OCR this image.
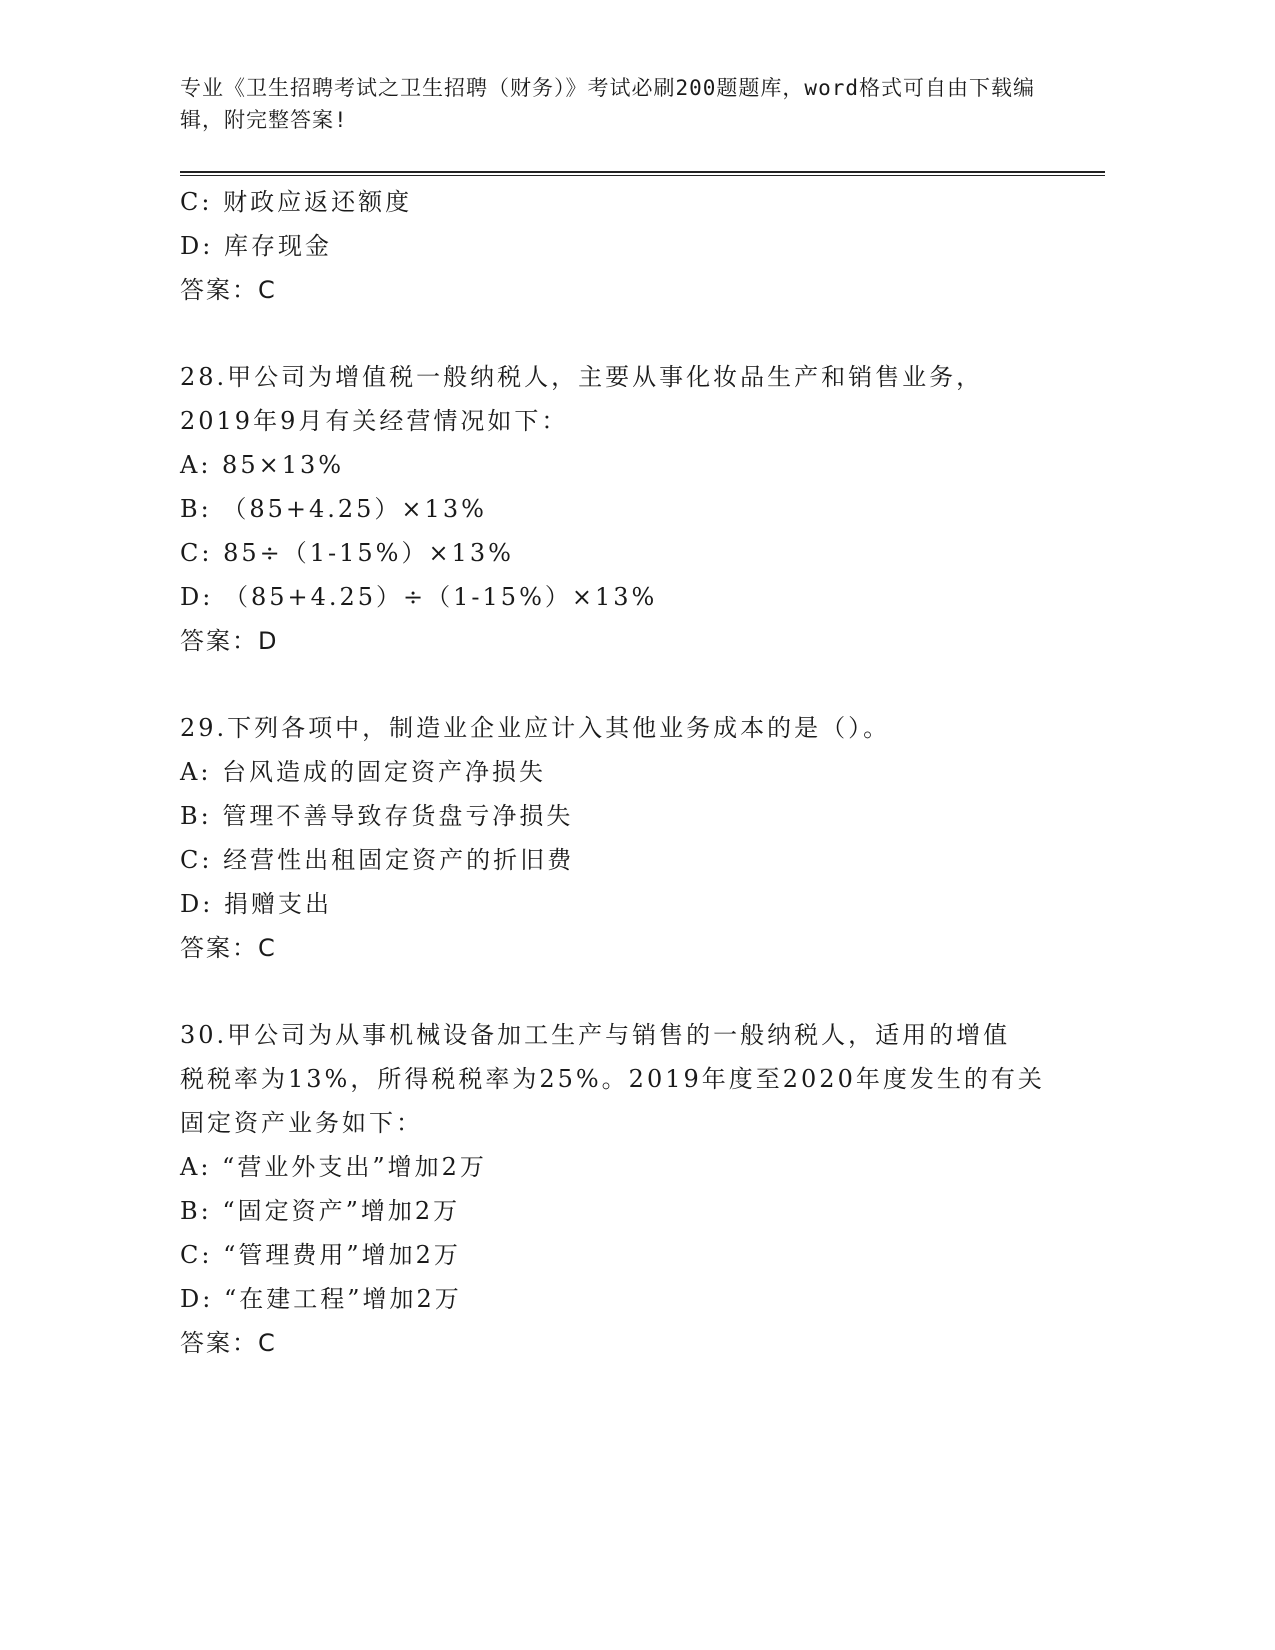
专业《卫生招聘考试之卫生招聘（财务）》考试必刷200题题库，word格式可自由下载编辑，附完整答案!
C: 财政应返还额度
D: 库存现金
答案：C
28.甲公司为增值税一般纳税人，主要从事化妆品生产和销售业务，
2019年9月有关经营情况如下：
A: 85×13%
B: （85+4.25）×13%
C: 85÷（1-15%）×13%
D: （85+4.25）÷（1-15%）×13%
答案：D
29.下列各项中，制造业企业应计入其他业务成本的是（）。
A: 台风造成的固定资产净损失
B: 管理不善导致存货盘亏净损失
C: 经营性出租固定资产的折旧费
D: 捐赠支出
答案：C
30.甲公司为从事机械设备加工生产与销售的一般纳税人，适用的增值
税税率为13%，所得税税率为25%。2019年度至2020年度发生的有关
固定资产业务如下：
A: “营业外支出”增加2万
B: “固定资产”增加2万
C: “管理费用”增加2万
D: “在建工程”增加2万
答案：C
